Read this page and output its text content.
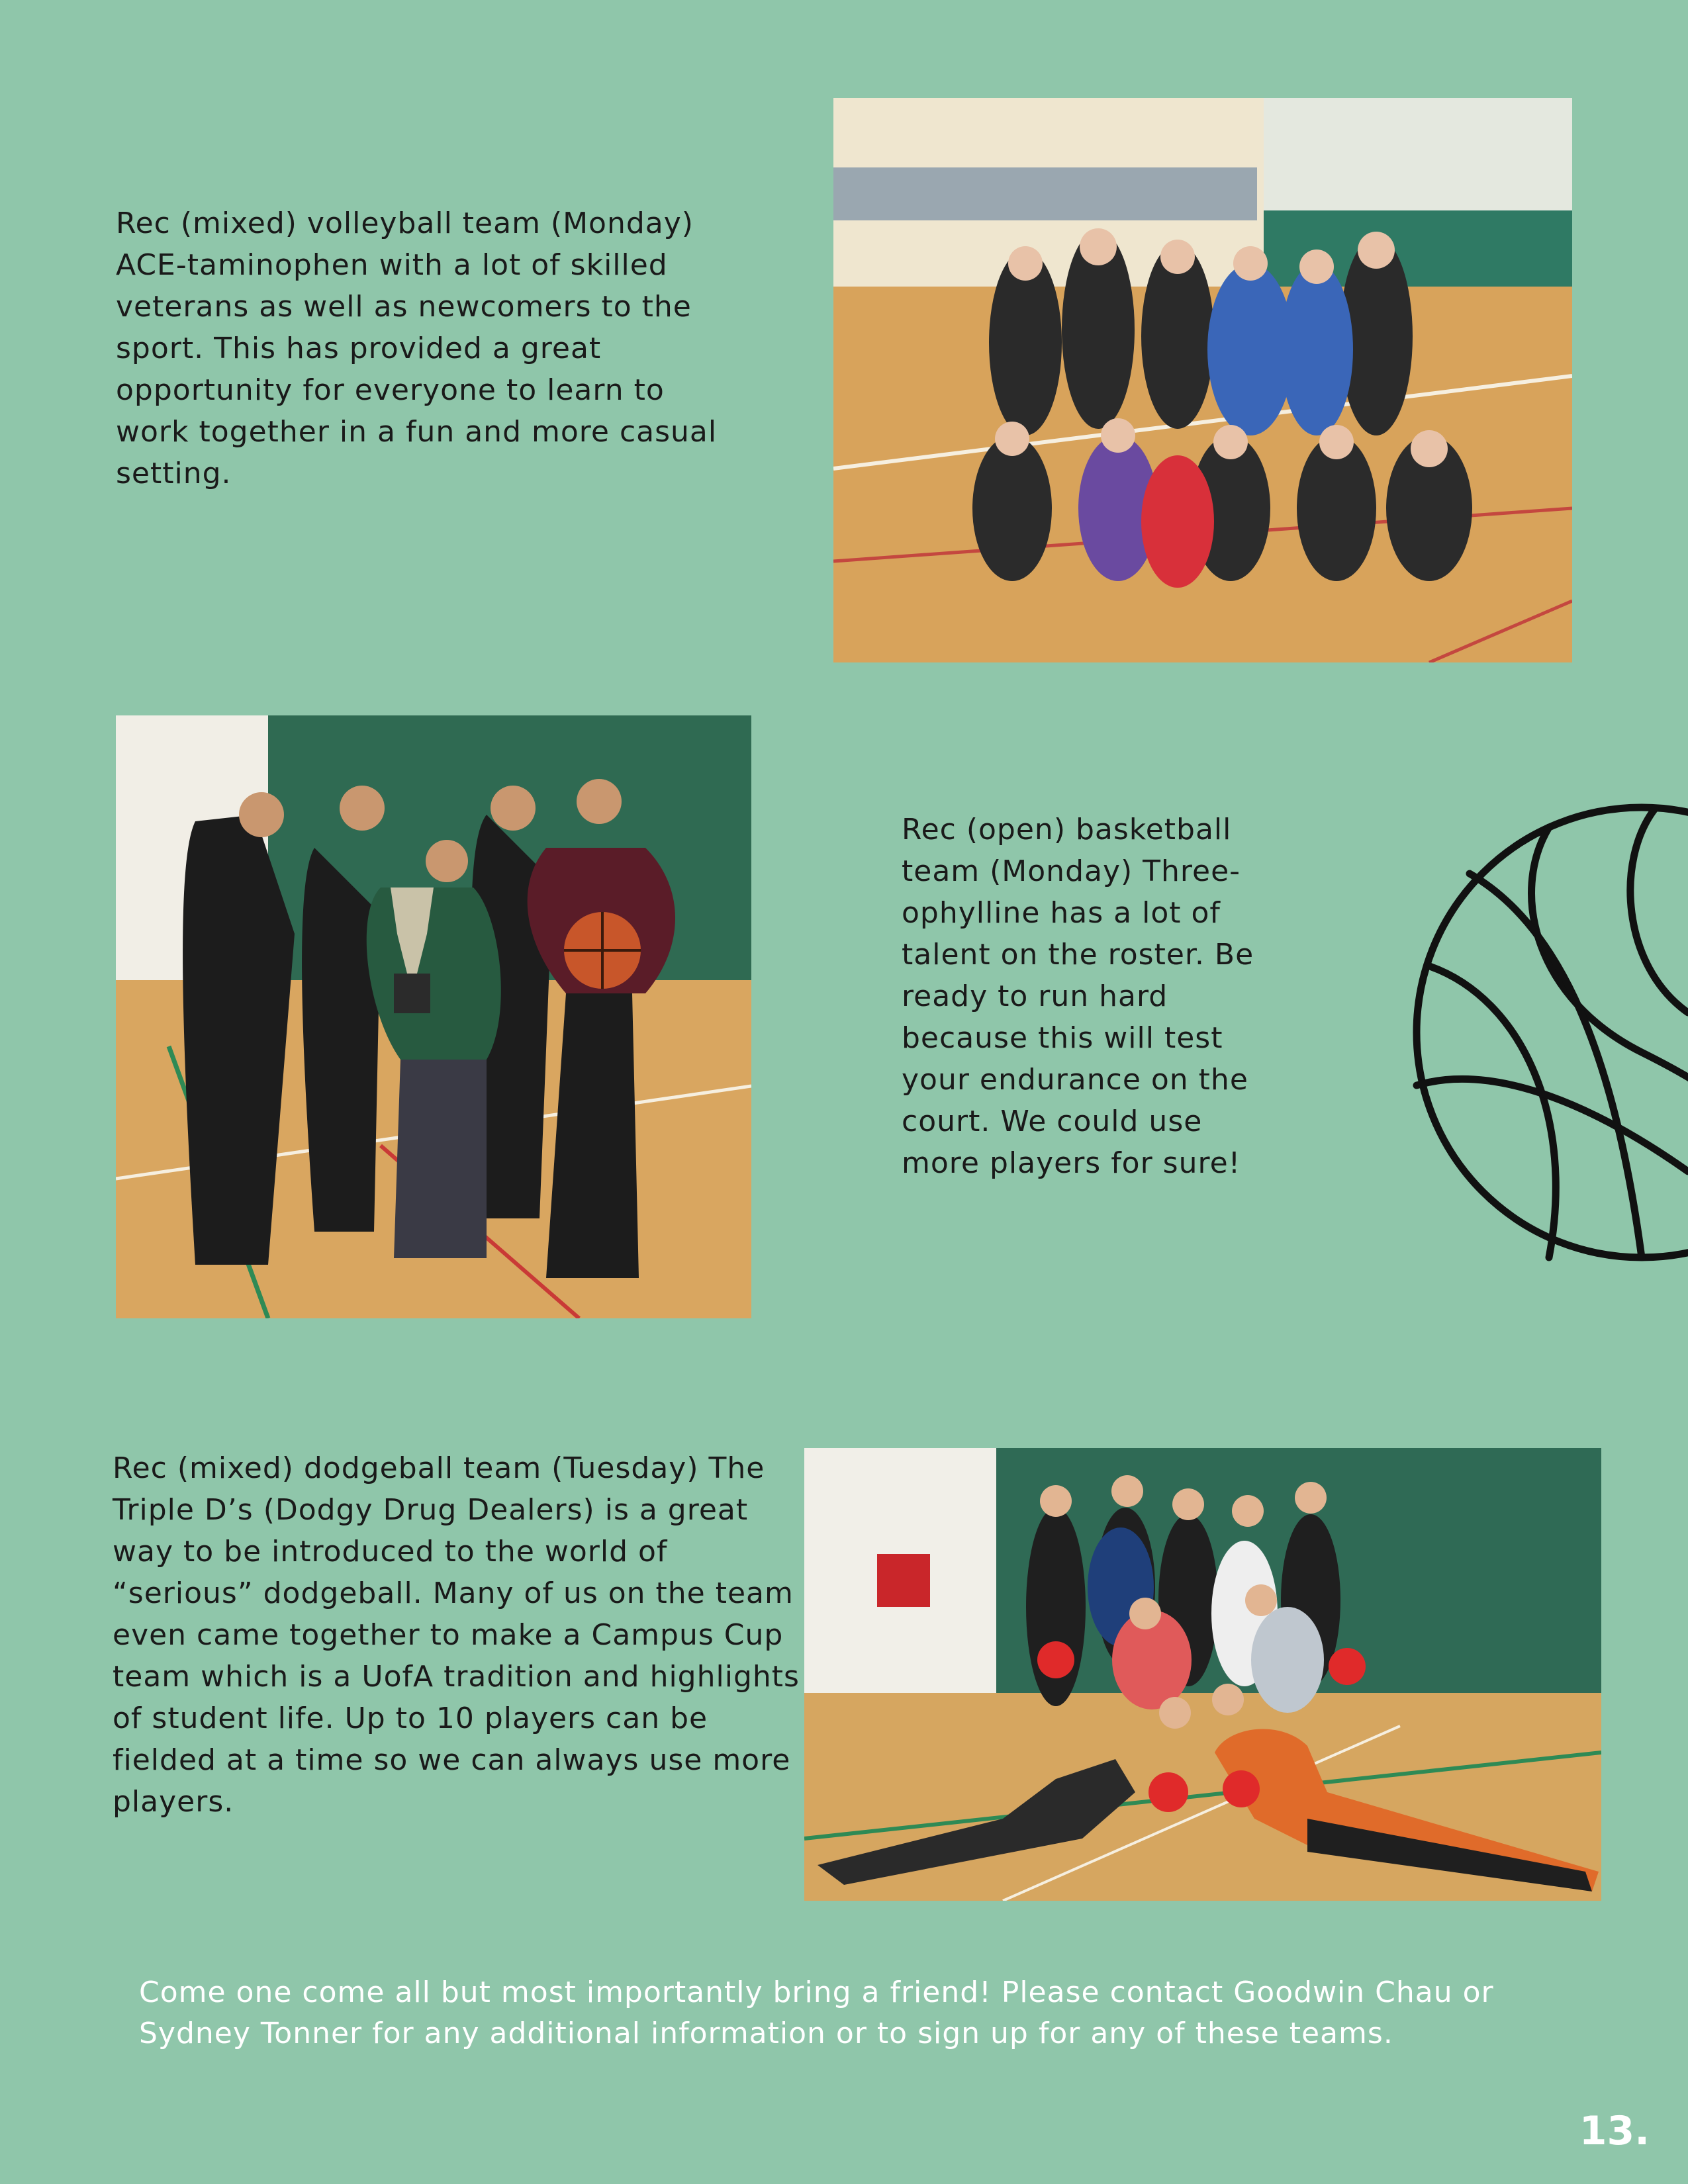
Rec (mixed) volleyball team (Monday) ACE-taminophen with a lot of skilled veterans as well as newcomers to the sport. This has provided a great opportunity for everyone to learn to work together in a fun and more casual setting.

Rec (open) basketball team (Monday) Three-ophylline has a lot of talent on the roster. Be ready to run hard because this will test your endurance on the court. We could use more players for sure!

Rec (mixed) dodgeball team (Tuesday) The Triple D’s (Dodgy Drug Dealers) is a great way to be introduced to the world of “serious” dodgeball. Many of us on the team even came together to make a Campus Cup team which is a UofA tradition and highlights of student life. Up to 10 players can be fielded at a time so we can always use more players.

Come one come all but most importantly bring a friend! Please contact Goodwin Chau or Sydney Tonner for any additional information or to sign up for any of these teams.

13.
